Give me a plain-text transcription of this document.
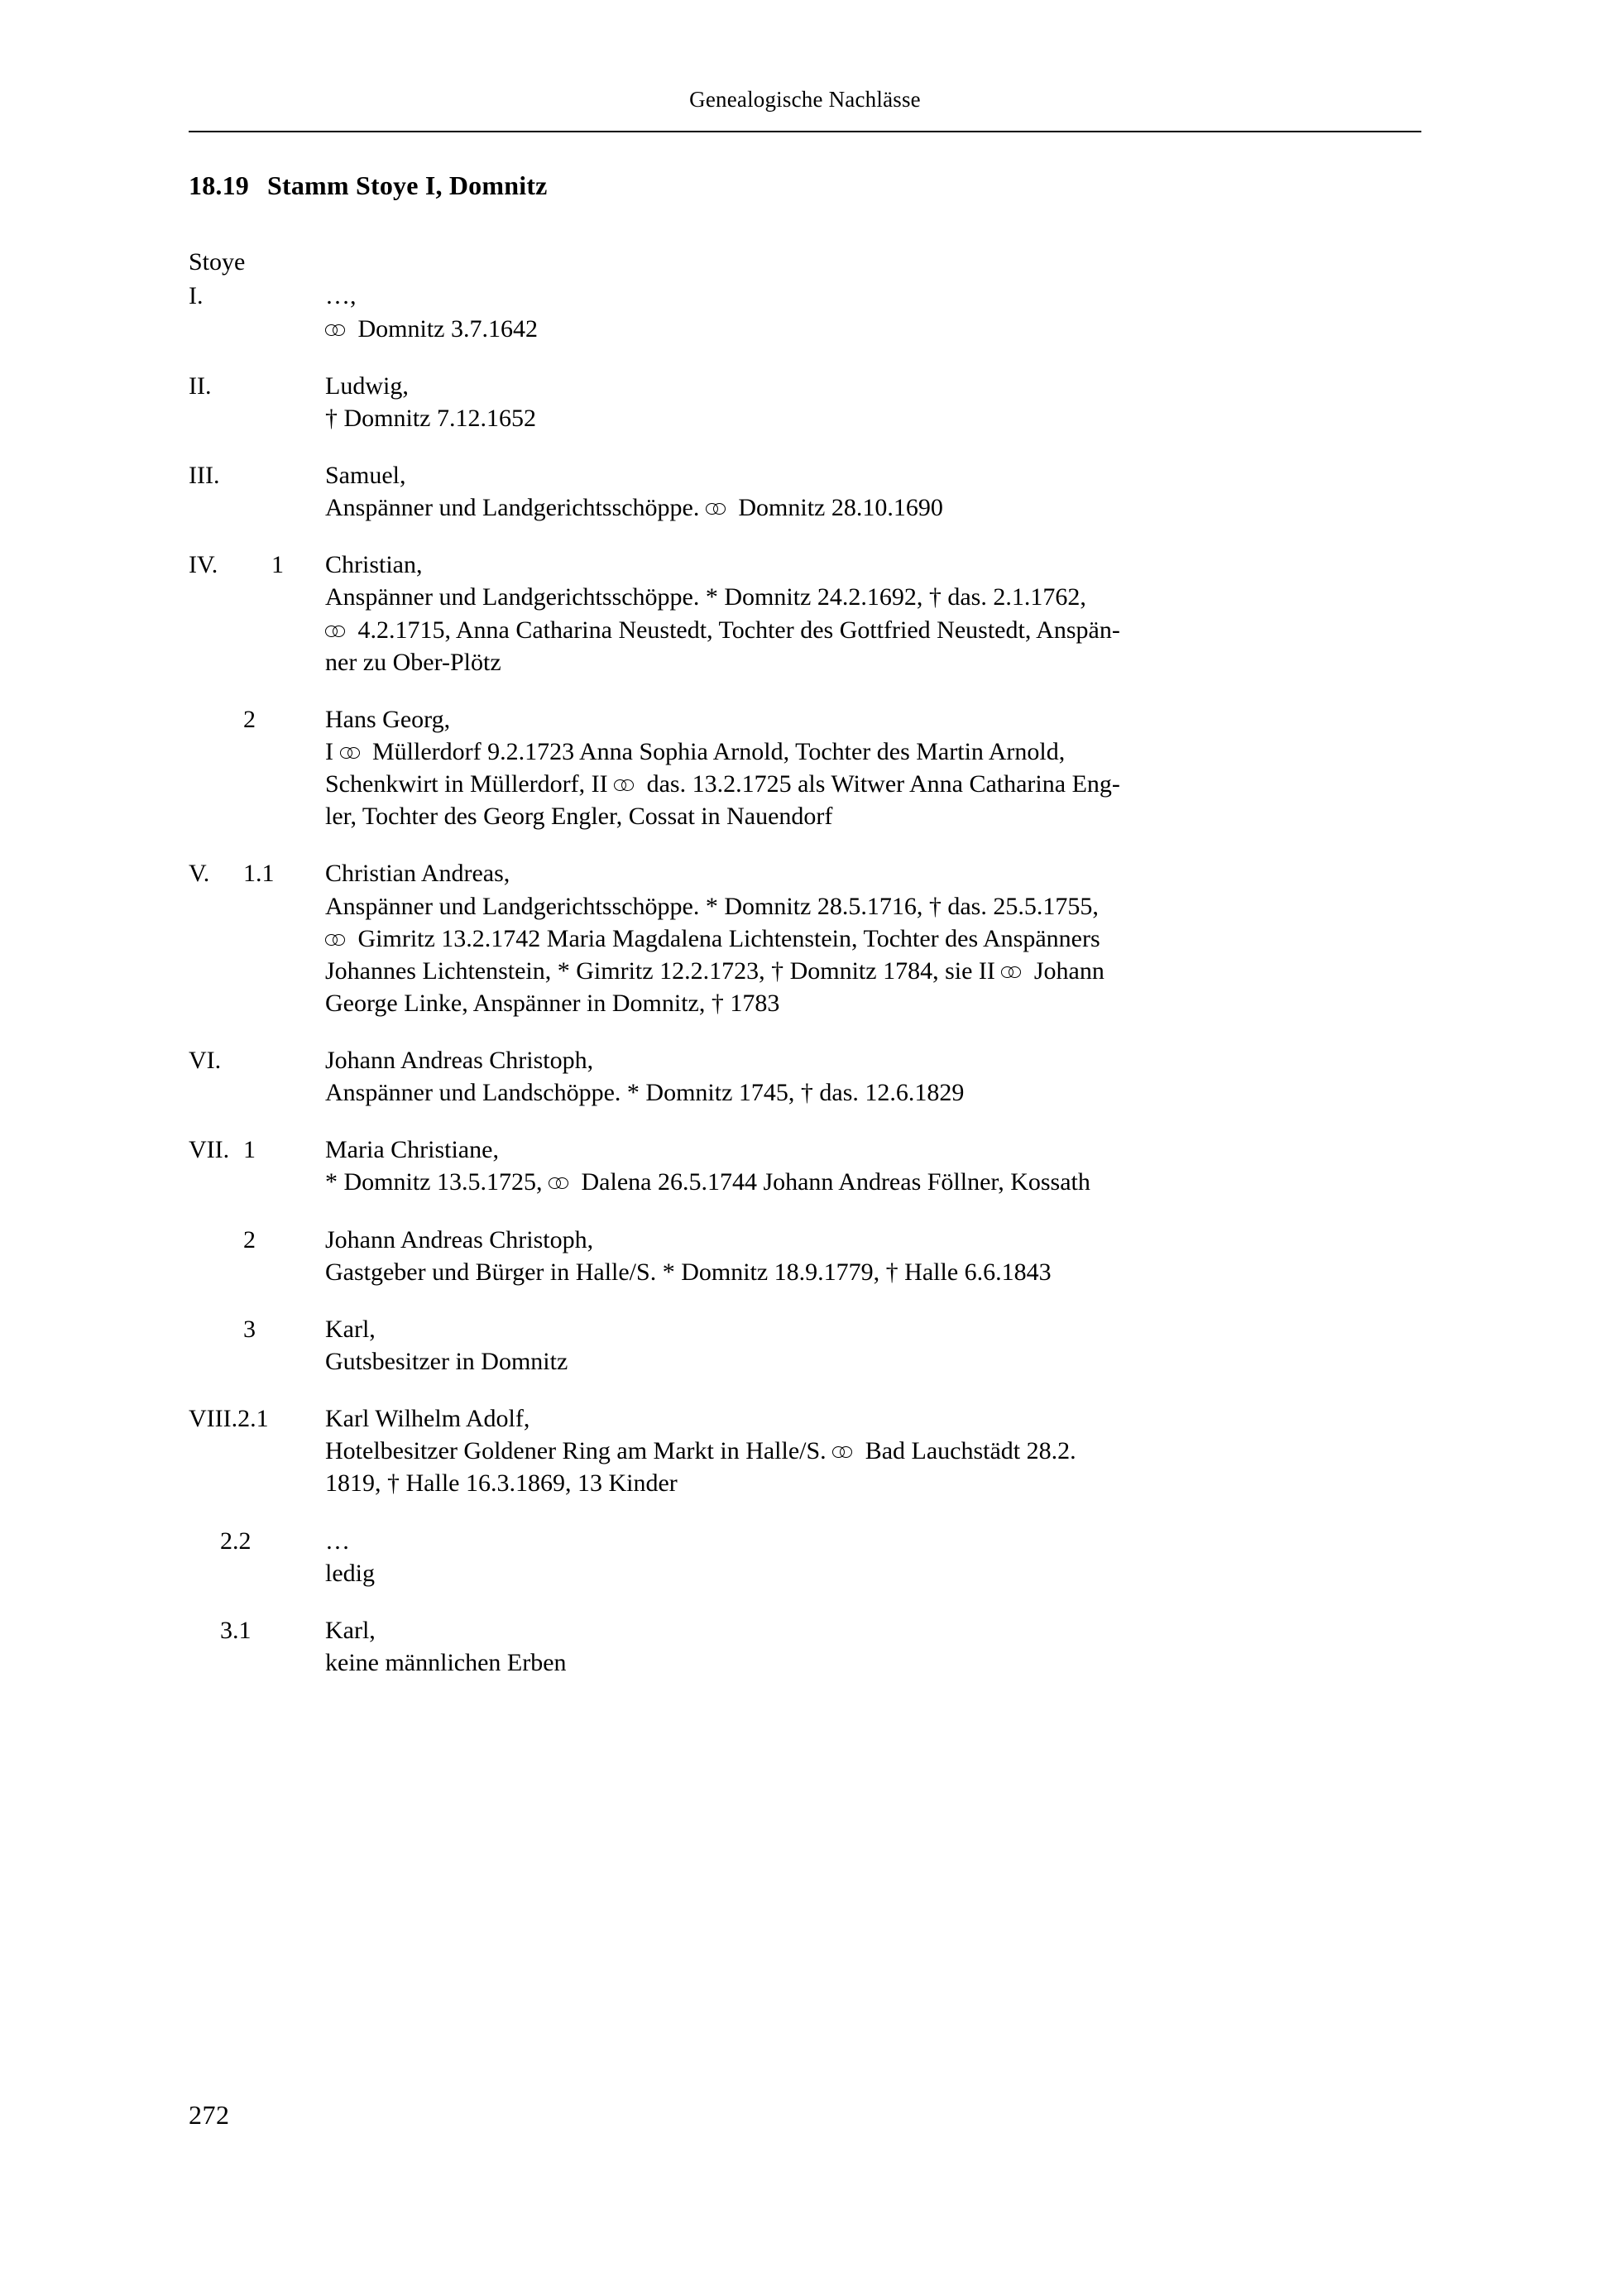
Genealogische Nachlässe
18.19 Stamm Stoye I, Domnitz
Stoye
I.	…,
Domnitz 3.7.1642
II.	Ludwig,
† Domnitz 7.12.1652
III.	Samuel,
Anspänner und Landgerichtsschöppe.  Domnitz 28.10.1690
IV.	1	Christian,
Anspänner und Landgerichtsschöppe. * Domnitz 24.2.1692, † das. 2.1.1762,
4.2.1715, Anna Catharina Neustedt, Tochter des Gottfried Neustedt, Anspän-
ner zu Ober-Plötz
2	Hans Georg,
I  Müllerdorf 9.2.1723 Anna Sophia Arnold, Tochter des Martin Arnold,
Schenkwirt in Müllerdorf, II  das. 13.2.1725 als Witwer Anna Catharina Eng-
ler, Tochter des Georg Engler, Cossat in Nauendorf
V.	1.1	Christian Andreas,
Anspänner und Landgerichtsschöppe. * Domnitz 28.5.1716, † das. 25.5.1755,
Gimritz 13.2.1742 Maria Magdalena Lichtenstein, Tochter des Anspänners
Johannes Lichtenstein, * Gimritz 12.2.1723, † Domnitz 1784, sie II  Johann
George Linke, Anspänner in Domnitz, † 1783
VI.	Johann Andreas Christoph,
Anspänner und Landschöppe. * Domnitz 1745, † das. 12.6.1829
VII. 1	Maria Christiane,
* Domnitz 13.5.1725,  Dalena 26.5.1744 Johann Andreas Föllner, Kossath
2	Johann Andreas Christoph,
Gastgeber und Bürger in Halle/S. * Domnitz 18.9.1779, † Halle 6.6.1843
3	Karl,
Gutsbesitzer in Domnitz
VIII.2.1	Karl Wilhelm Adolf,
Hotelbesitzer Goldener Ring am Markt in Halle/S.  Bad Lauchstädt 28.2.
1819, † Halle 16.3.1869, 13 Kinder
2.2	…
ledig
3.1	Karl,
keine männlichen Erben
272
